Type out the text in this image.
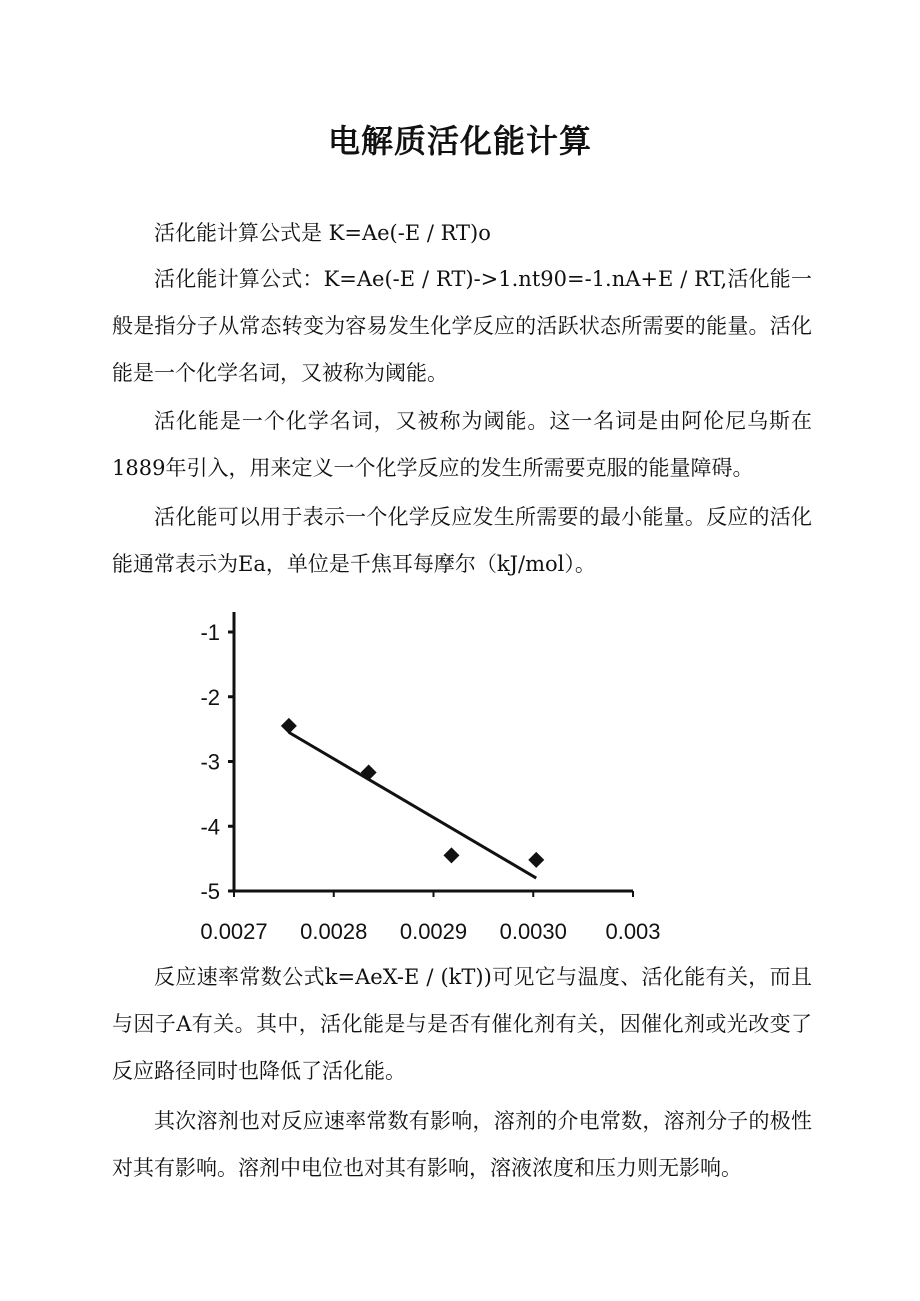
电解质活化能计算

活化能计算公式是 K=Ae(-E / RT)o

活化能计算公式：K=Ae(-E / RT)->1.nt90=-1.nA+E / RT,活化能一般是指分子从常态转变为容易发生化学反应的活跃状态所需要的能量。活化能是一个化学名词，又被称为阈能。

活化能是一个化学名词，又被称为阈能。这一名词是由阿伦尼乌斯在1889年引入，用来定义一个化学反应的发生所需要克服的能量障碍。

活化能可以用于表示一个化学反应发生所需要的最小能量。反应的活化能通常表示为Ea，单位是千焦耳每摩尔（kJ/mol）。

-1
-2
-3
-4
-5
0.0027 0.0028 0.0029 0.0030 0.003

反应速率常数公式k=AeX-E / (kT))可见它与温度、活化能有关，而且与因子A有关。其中，活化能是与是否有催化剂有关，因催化剂或光改变了反应路径同时也降低了活化能。

其次溶剂也对反应速率常数有影响，溶剂的介电常数，溶剂分子的极性对其有影响。溶剂中电位也对其有影响，溶液浓度和压力则无影响。
